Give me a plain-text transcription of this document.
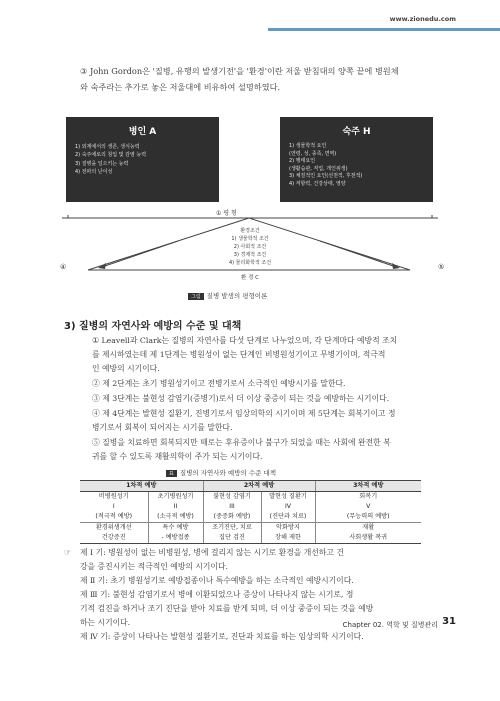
www.zionedu.com
③ John Gordon은 '질병, 유행의 발생기전'을 '환경'이란 저울 받침대의 양쪽 끝에 병원체
와 숙주라는 추가로 놓은 저울대에 비유하여 설명하였다.
병인 A
1) 외계에서의 생존, 생식능력
2) 숙주에로의 침입 및 감염 능력
3) 질병을 일으키는 능력
4) 전파의 난이성
숙주 H
1) 생물학적 요인
(연령, 성, 종족, 면역)
2) 행태요인
(생활습관, 직업, 개인위생)
3) 체질적인 요인(선천적, 후천적)
4) 저항력, 건강상태, 영양
① 평 형
환경조건
1) 생물학적 조건
2) 사회적 조건
3) 경제적 조건
4) 물리화학적 조건
환 경 C
④	⑤
그림 질병 발생의 평형이론
3) 질병의 자연사와 예방의 수준 및 대책
① Leavell과 Clark는 질병의 자연사를 다섯 단계로 나누었으며, 각 단계마다 예방적 조치
를 제시하였는데 제 1단계는 병원성이 없는 단계인 비병원성기이고 무병기이며, 적극적
인 예방의 시기이다.
② 제 2단계는 초기 병원성기이고 전병기로서 소극적인 예방시기를 말한다.
③ 제 3단계는 불현성 감염기(증병기)로서 더 이상 중증이 되는 것을 예방하는 시기이다.
④ 제 4단계는 발현성 질환기, 진병기로서 임상의학의 시기이며 제 5단계는 회복기이고 정
병기로서 회복이 되어지는 시기를 말한다.
⑤ 질병을 치료하면 회복되지만 때로는 후유증이나 불구가 되었을 때는 사회에 완전한 복
귀를 할 수 있도록 재활의학이 주가 되는 시기이다.
표 질병의 자연사와 예방의 수준 대책
1차적 예방		2차적 예방		3차적 예방
비병원성기	초기병원성기	불현성 감염기	발현성 질환기	회복기
I	II	III	IV	V
(적극적 예방)	(소극적 예방)	(중증화 예방)	(진단과 치료)	(무능력의 예방)
환경위생개선	특수 예방	조기진단, 치료	악화방지	재활
건강증진	- 예방접종	집단 검진	장해 제한	사회생활 복귀
☞ 제 Ⅰ 기: 병원성이 없는 비병원성, 병에 걸리지 않는 시기로 환경을 개선하고 건
강을 증진시키는 적극적인 예방의 시기이다.
제 Ⅱ 기: 초기 병원성기로 예방접종이나 특수예방을 하는 소극적인 예방시기이다.
제 Ⅲ 기: 불현성 감염기로서 병에 이환되었으나 증상이 나타나지 않는 시기로, 정
기적 검진을 하거나 조기 진단을 받아 치료를 받게 되며, 더 이상 중증이 되는 것을 예방
하는 시기이다.
제 Ⅳ 기: 증상이 나타나는 발현성 질환기로, 진단과 치료를 하는 임상의학 시기이다.
Chapter 02. 역학 및 질병관리 31
